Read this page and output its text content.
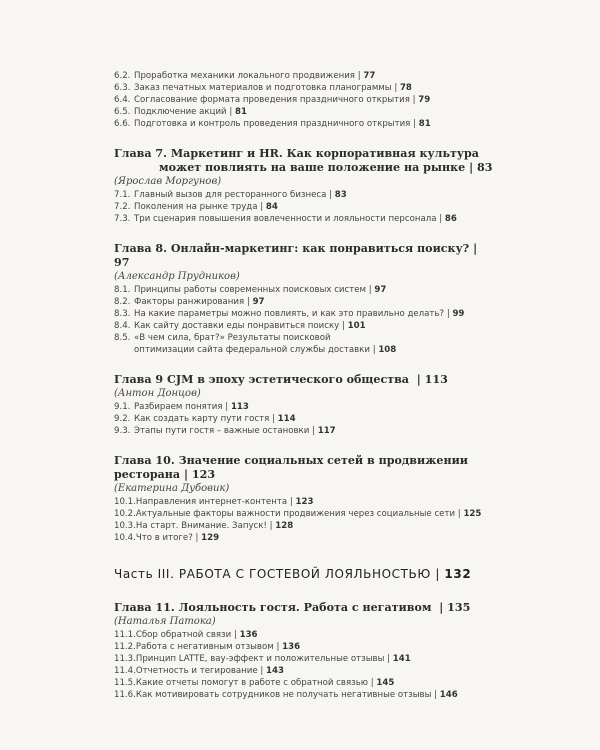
6.2. Проработка механики локального продвижения | 77
6.3. Заказ печатных материалов и подготовка планограммы | 78
6.4. Согласование формата проведения праздничного открытия | 79
6.5. Подключение акций | 81
6.6. Подготовка и контроль проведения праздничного открытия | 81
Глава 7. Маркетинг и HR. Как корпоративная культура
может повлиять на ваше положение на рынке | 83
(Ярослав Моргунов)
7.1. Главный вызов для ресторанного бизнеса | 83
7.2. Поколения на рынке труда | 84
7.3. Три сценария повышения вовлеченности и лояльности персонала | 86
Глава 8. Онлайн-маркетинг: как понравиться поиску? | 97
(Александр Прудников)
8.1. Принципы работы современных поисковых систем | 97
8.2. Факторы ранжирования | 97
8.3. На какие параметры можно повлиять, и как это правильно делать? | 99
8.4. Как сайту доставки еды понравиться поиску | 101
8.5. «В чем сила, брат?» Результаты поисковой
оптимизации сайта федеральной службы доставки | 108
Глава 9 CJM в эпоху эстетического общества | 113
(Антон Донцов)
9.1. Разбираем понятия | 113
9.2. Как создать карту пути гостя | 114
9.3. Этапы пути гостя – важные остановки | 117
Глава 10. Значение социальных сетей в продвижении ресторана | 123
(Екатерина Дубовик)
10.1.Направления интернет-контента | 123
10.2.Актуальные факторы важности продвижения через социальные сети | 125
10.3.На старт. Внимание. Запуск! | 128
10.4.Что в итоге? | 129
Часть III. РАБОТА С ГОСТЕВОЙ ЛОЯЛЬНОСТЬЮ | 132
Глава 11. Лояльность гостя. Работа с негативом | 135
(Наталья Патока)
11.1.Сбор обратной связи | 136
11.2.Работа с негативным отзывом | 136
11.3.Принцип LATTE, вау-эффект и положительные отзывы | 141
11.4.Отчетность и тегирование | 143
11.5.Какие отчеты помогут в работе с обратной связью | 145
11.6.Как мотивировать сотрудников не получать негативные отзывы | 146
